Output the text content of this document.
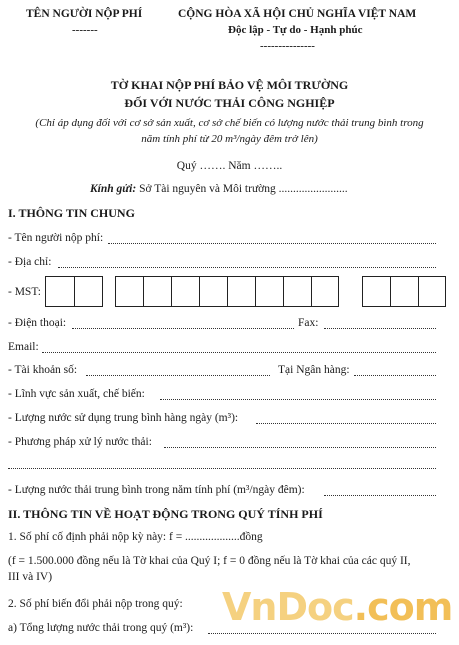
TÊN NGƯỜI NỘP PHÍ
-------
CỘNG HÒA XÃ HỘI CHỦ NGHĨA VIỆT NAM
Độc lập - Tự do - Hạnh phúc
---------------
TỜ KHAI NỘP PHÍ BẢO VỆ MÔI TRƯỜNG
ĐỐI VỚI NƯỚC THẢI CÔNG NGHIỆP
(Chỉ áp dụng đối với cơ sở sản xuất, cơ sở chế biến có lượng nước thải trung bình trong
năm tính phí từ 20 m³/ngày đêm trở lên)
Quý ……. Năm ……..
Kính gửi: Sở Tài nguyên và Môi trường ........................
I. THÔNG TIN CHUNG
- Tên người nộp phí:
- Địa chỉ:
- MST:
- Điện thoại:	Fax:
Email:
- Tài khoản số:	Tại Ngân hàng:
- Lĩnh vực sản xuất, chế biến:
- Lượng nước sử dụng trung bình hàng ngày (m³):
- Phương pháp xử lý nước thải:
- Lượng nước thải trung bình trong năm tính phí (m³/ngày đêm):
II. THÔNG TIN VỀ HOẠT ĐỘNG TRONG QUÝ TÍNH PHÍ
1. Số phí cố định phải nộp kỳ này: f = ...................đồng
(f = 1.500.000 đồng nếu là Tờ khai của Quý I; f = 0 đồng nếu là Tờ khai của các quý II,
III và IV)
2. Số phí biến đổi phải nộp trong quý:
a) Tổng lượng nước thải trong quý (m³): VnDoc.com
